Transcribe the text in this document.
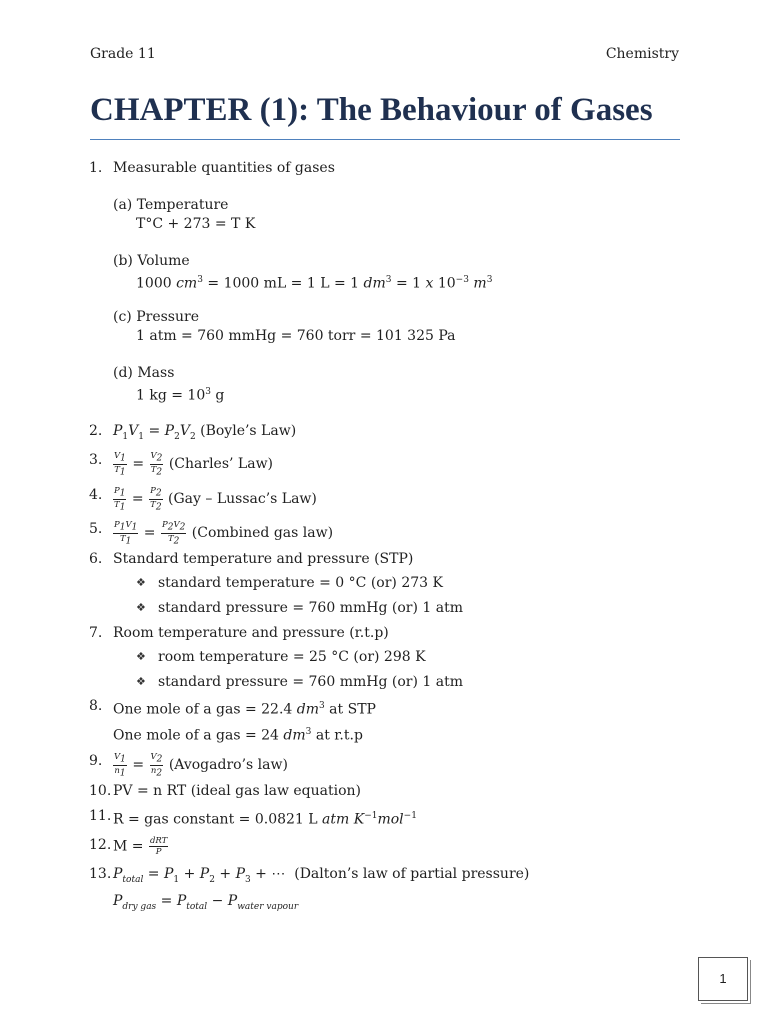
Grade 11	Chemistry
CHAPTER (1): The Behaviour of Gases
1. Measurable quantities of gases
(a) Temperature
T°C + 273 = T K
(b) Volume
1000 $cm^3 = 1000$ mL = 1 L = 1 $dm^3 = 1$ x $10^{-3}$ $m^3$
(c) Pressure
1 atm = 760 mmHg = 760 torr = 101 325 Pa
(d) Mass
1 kg = $10^3$ g
2. $P_1V_1 = P_2V_2$ (Boyle’s Law)
3. $\frac{V_1}{T_1} = \frac{V_2}{T_2}$ (Charles’ Law)
4. $\frac{P_1}{T_1} = \frac{P_2}{T_2} (Gay$ – Lussac’s Law)
5. $\frac{P_1V_1}{T_1} = \frac{P_2V_2}{T_2}$ (Combined gas law)
6. Standard temperature and pressure (STP)
❖ standard temperature = 0 °C (or) 273 K
❖ standard pressure = 760 mmHg (or) 1 atm
7. Room temperature and pressure (r.t.p)
❖ room temperature = 25 °C (or) 298 K
❖ standard pressure = 760 mmHg (or) 1 atm
8. One mole of a gas = 22.4 $dm^3$ at STP
One mole of a gas = 24 $dm^3$ at r.t.p
9. $\frac{V_1}{n_1} = \frac{V_2}{n_2}$ (Avogadro’s law)
10. PV = n RT (ideal gas law equation)
11. R = gas constant = 0.0821 L atm $K^{-1}mol^{-1}$
12. $M = \frac{\text{dRT}}{P}$
13. $P_{total} = P_1 + P_2 + P_3$ + ⋯  (Dalton’s law of partial pressure)
$P_{dry gas} = P_{total} - P_{water vapour}$
1
